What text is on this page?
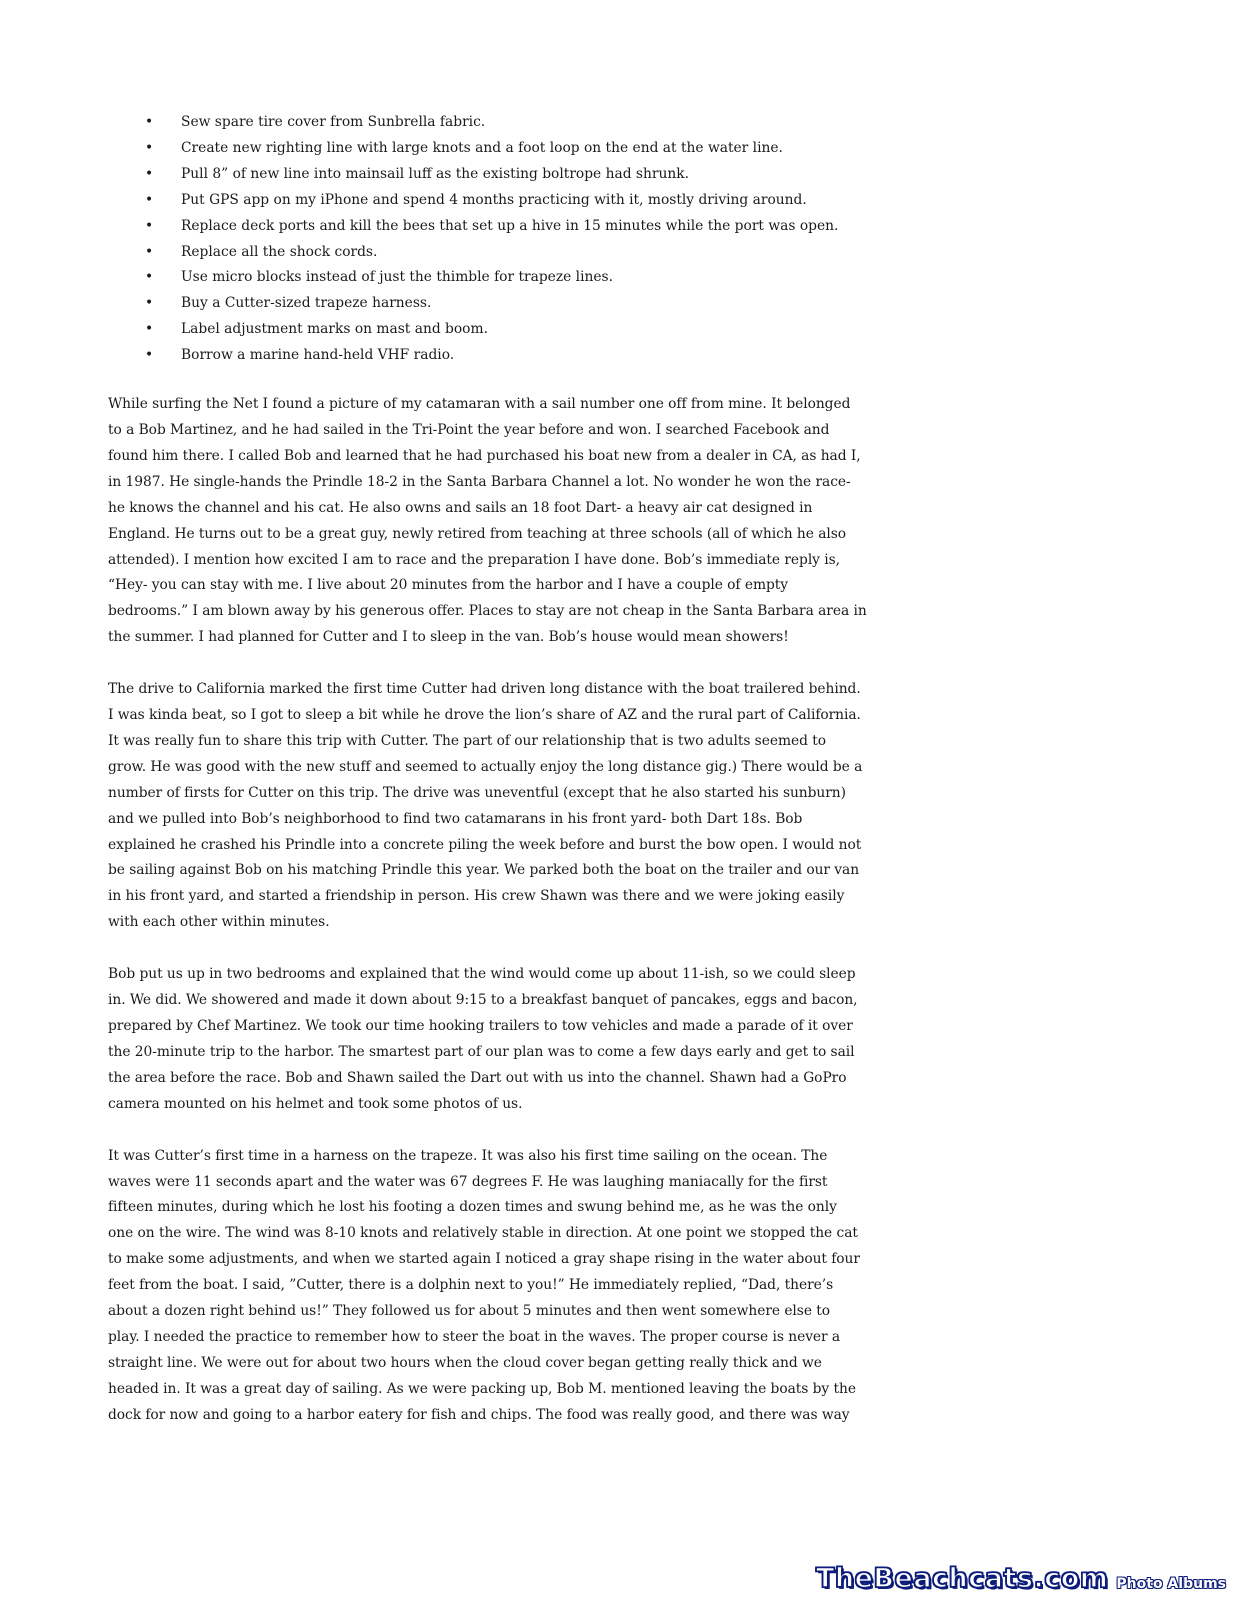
• Sew spare tire cover from Sunbrella fabric.
• Create new righting line with large knots and a foot loop on the end at the water line.
• Pull 8” of new line into mainsail luff as the existing boltrope had shrunk.
• Put GPS app on my iPhone and spend 4 months practicing with it, mostly driving around.
• Replace deck ports and kill the bees that set up a hive in 15 minutes while the port was open.
• Replace all the shock cords.
• Use micro blocks instead of just the thimble for trapeze lines.
• Buy a Cutter-sized trapeze harness.
• Label adjustment marks on mast and boom.
• Borrow a marine hand-held VHF radio.
While surfing the Net I found a picture of my catamaran with a sail number one off from mine. It belonged
to a Bob Martinez, and he had sailed in the Tri-Point the year before and won. I searched Facebook and
found him there. I called Bob and learned that he had purchased his boat new from a dealer in CA, as had I,
in 1987. He single-hands the Prindle 18-2 in the Santa Barbara Channel a lot. No wonder he won the race-
he knows the channel and his cat. He also owns and sails an 18 foot Dart- a heavy air cat designed in
England. He turns out to be a great guy, newly retired from teaching at three schools (all of which he also
attended). I mention how excited I am to race and the preparation I have done. Bob’s immediate reply is,
“Hey- you can stay with me. I live about 20 minutes from the harbor and I have a couple of empty
bedrooms.” I am blown away by his generous offer. Places to stay are not cheap in the Santa Barbara area in
the summer. I had planned for Cutter and I to sleep in the van. Bob’s house would mean showers!
The drive to California marked the first time Cutter had driven long distance with the boat trailered behind.
I was kinda beat, so I got to sleep a bit while he drove the lion’s share of AZ and the rural part of California.
It was really fun to share this trip with Cutter. The part of our relationship that is two adults seemed to
grow. He was good with the new stuff and seemed to actually enjoy the long distance gig.) There would be a
number of firsts for Cutter on this trip. The drive was uneventful (except that he also started his sunburn)
and we pulled into Bob’s neighborhood to find two catamarans in his front yard- both Dart 18s. Bob
explained he crashed his Prindle into a concrete piling the week before and burst the bow open. I would not
be sailing against Bob on his matching Prindle this year. We parked both the boat on the trailer and our van
in his front yard, and started a friendship in person. His crew Shawn was there and we were joking easily
with each other within minutes.
Bob put us up in two bedrooms and explained that the wind would come up about 11-ish, so we could sleep
in. We did. We showered and made it down about 9:15 to a breakfast banquet of pancakes, eggs and bacon,
prepared by Chef Martinez. We took our time hooking trailers to tow vehicles and made a parade of it over
the 20-minute trip to the harbor. The smartest part of our plan was to come a few days early and get to sail
the area before the race. Bob and Shawn sailed the Dart out with us into the channel. Shawn had a GoPro
camera mounted on his helmet and took some photos of us.
It was Cutter’s first time in a harness on the trapeze. It was also his first time sailing on the ocean. The
waves were 11 seconds apart and the water was 67 degrees F. He was laughing maniacally for the first
fifteen minutes, during which he lost his footing a dozen times and swung behind me, as he was the only
one on the wire. The wind was 8-10 knots and relatively stable in direction. At one point we stopped the cat
to make some adjustments, and when we started again I noticed a gray shape rising in the water about four
feet from the boat. I said, ”Cutter, there is a dolphin next to you!” He immediately replied, “Dad, there’s
about a dozen right behind us!” They followed us for about 5 minutes and then went somewhere else to
play. I needed the practice to remember how to steer the boat in the waves. The proper course is never a
straight line. We were out for about two hours when the cloud cover began getting really thick and we
headed in. It was a great day of sailing. As we were packing up, Bob M. mentioned leaving the boats by the
dock for now and going to a harbor eatery for fish and chips. The food was really good, and there was way
TheBeachcats.com Photo Albums
